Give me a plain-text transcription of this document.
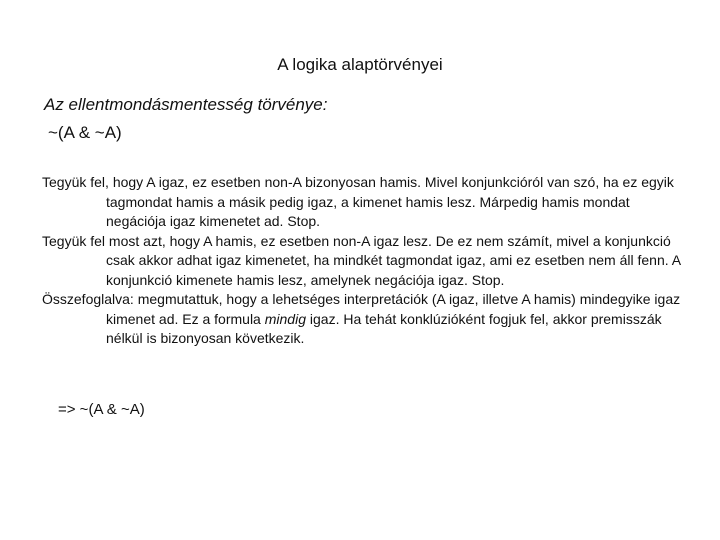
A logika alaptörvényei
Az ellentmondásmentesség törvénye:
~(A & ~A)

Tegyük fel, hogy A igaz, ez esetben non-A bizonyosan hamis. Mivel konjunkcióról van szó, ha ez egyik tagmondat hamis a másik pedig igaz, a kimenet hamis lesz. Márpedig hamis mondat negációja igaz kimenetet ad. Stop.

Tegyük fel most azt, hogy A hamis, ez esetben non-A igaz lesz. De ez nem számít, mivel a konjunkció csak akkor adhat igaz kimenetet, ha mindkét tagmondat igaz, ami ez esetben nem áll fenn. A konjunkció kimenete hamis lesz, amelynek negációja igaz. Stop.

Összefoglalva: megmutattuk, hogy a lehetséges interpretációk (A igaz, illetve A hamis) mindegyike igaz kimenet ad. Ez a formula mindig igaz. Ha tehát konklúzióként fogjuk fel, akkor premisszák nélkül is bizonyosan következik.

=> ~(A & ~A)
